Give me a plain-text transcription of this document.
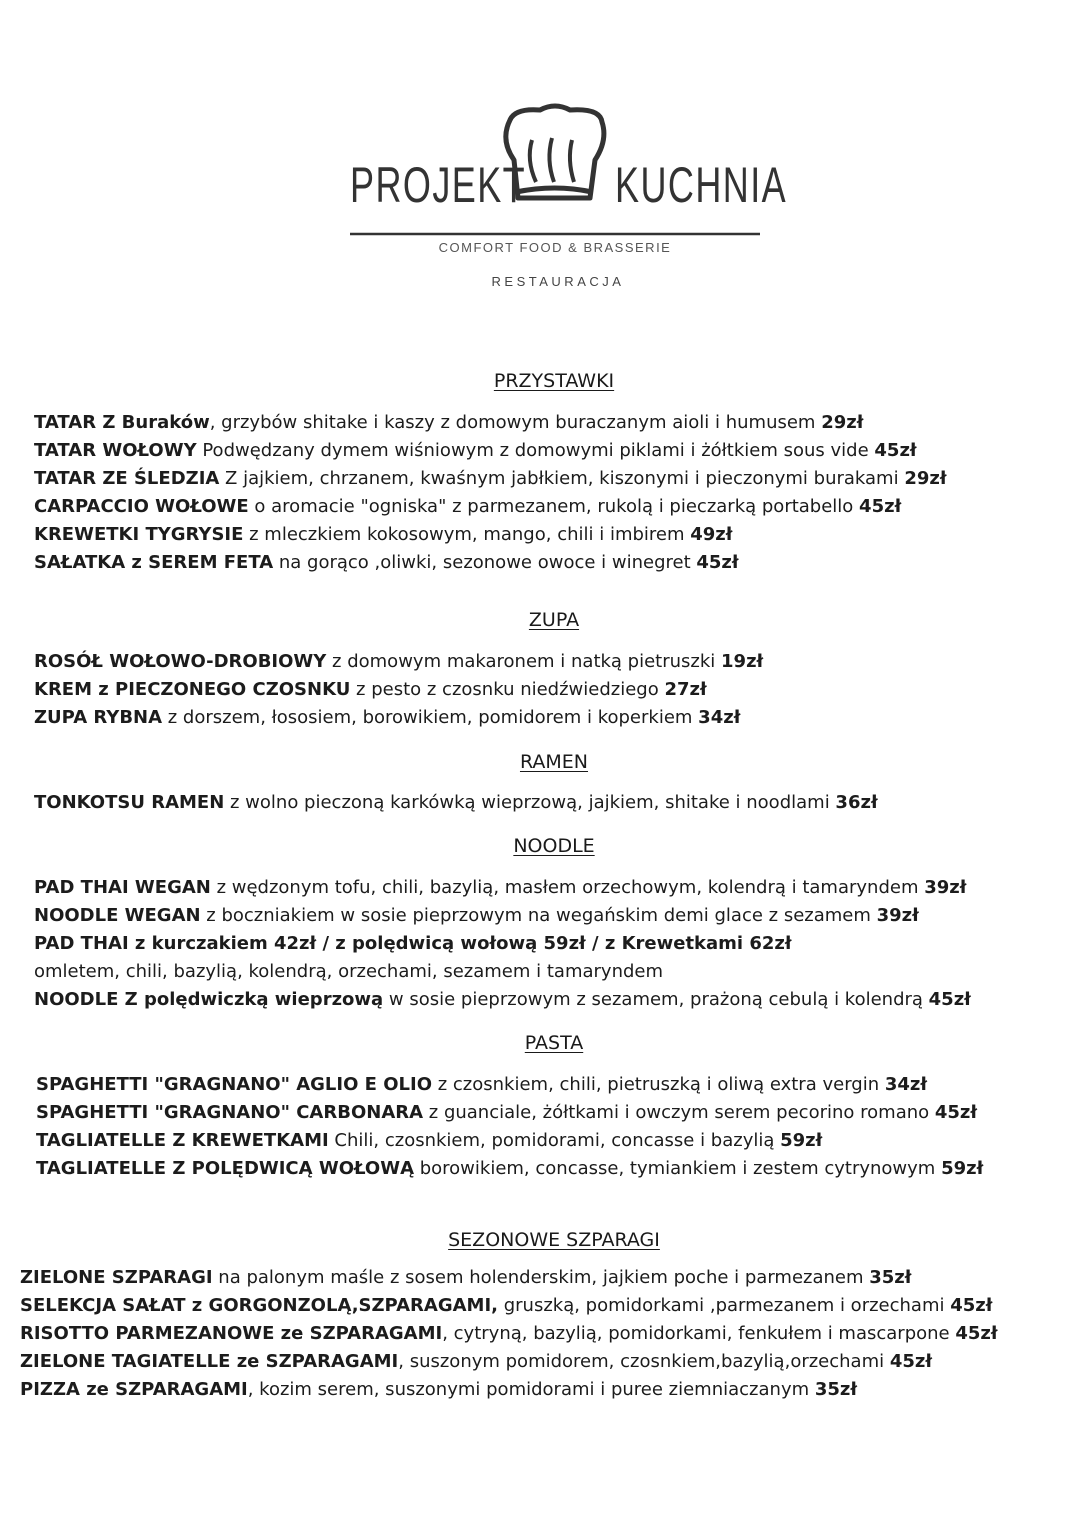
PROJEKT KUCHNIA
COMFORT FOOD & BRASSERIE
RESTAURACJA
PRZYSTAWKI
TATAR Z Buraków, grzybów shitake i kaszy z domowym buraczanym aioli i humusem 29zł
TATAR WOŁOWY Podwędzany dymem wiśniowym z domowymi piklami i żółtkiem sous vide 45zł
TATAR ZE ŚLEDZIA Z jajkiem, chrzanem, kwaśnym jabłkiem, kiszonymi i pieczonymi burakami 29zł
CARPACCIO WOŁOWE o aromacie "ogniska" z parmezanem, rukolą i pieczarką portabello 45zł
KREWETKI TYGRYSIE z mleczkiem kokosowym, mango, chili i imbirem 49zł
SAŁATKA z SEREM FETA na gorąco ,oliwki, sezonowe owoce i winegret 45zł
ZUPA
ROSÓŁ WOŁOWO-DROBIOWY z domowym makaronem i natką pietruszki 19zł
KREM z PIECZONEGO CZOSNKU z pesto z czosnku niedźwiedziego 27zł
ZUPA RYBNA z dorszem, łososiem, borowikiem, pomidorem i koperkiem 34zł
RAMEN
TONKOTSU RAMEN z wolno pieczoną karkówką wieprzową, jajkiem, shitake i noodlami 36zł
NOODLE
PAD THAI WEGAN z wędzonym tofu, chili, bazylią, masłem orzechowym, kolendrą i tamaryndem 39zł
NOODLE WEGAN z boczniakiem w sosie pieprzowym na wegańskim demi glace z sezamem 39zł
PAD THAI z kurczakiem 42zł / z polędwicą wołową 59zł / z Krewetkami 62zł
omletem, chili, bazylią, kolendrą, orzechami, sezamem i tamaryndem
NOODLE Z polędwiczką wieprzową w sosie pieprzowym z sezamem, prażoną cebulą i kolendrą 45zł
PASTA
SPAGHETTI "GRAGNANO" AGLIO E OLIO z czosnkiem, chili, pietruszką i oliwą extra vergin 34zł
SPAGHETTI "GRAGNANO" CARBONARA z guanciale, żółtkami i owczym serem pecorino romano 45zł
TAGLIATELLE Z KREWETKAMI Chili, czosnkiem, pomidorami, concasse i bazylią 59zł
TAGLIATELLE Z POLĘDWICĄ WOŁOWĄ borowikiem, concasse, tymiankiem i zestem cytrynowym 59zł
SEZONOWE SZPARAGI
ZIELONE SZPARAGI na palonym maśle z sosem holenderskim, jajkiem poche i parmezanem 35zł
SELEKCJA SAŁAT z GORGONZOLĄ,SZPARAGAMI, gruszką, pomidorkami ,parmezanem i orzechami 45zł
RISOTTO PARMEZANOWE ze SZPARAGAMI, cytryną, bazylią, pomidorkami, fenkułem i mascarpone 45zł
ZIELONE TAGIATELLE ze SZPARAGAMI, suszonym pomidorem, czosnkiem,bazylią,orzechami 45zł
PIZZA ze SZPARAGAMI, kozim serem, suszonymi pomidorami i puree ziemniaczanym 35zł
